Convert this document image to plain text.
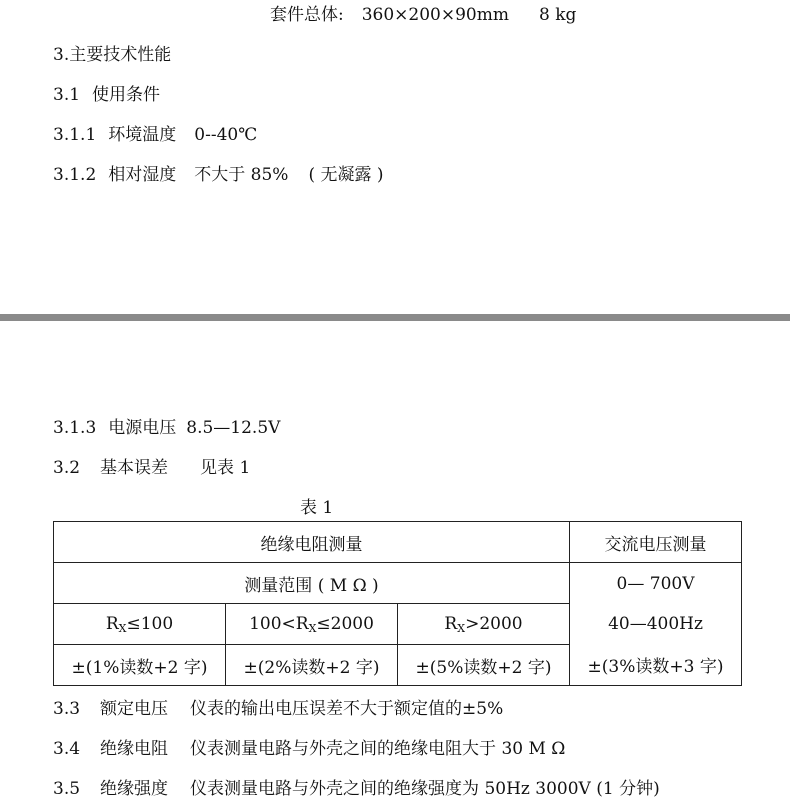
套件总体: 360×200×90mm 8 kg
3.主要技术性能
3.1 使用条件
3.1.1 环境温度 0--40℃
3.1.2 相对湿度 不大于 85% ( 无凝露 )
3.1.3 电源电压 8.5—12.5V
3.2 基本误差 见表 1
表 1
绝缘电阻测量			交流电压测量
测量范围 ( M Ω )			0— 700V
40—400Hz

$R_X\le 100$	$100<R_X\le 2000$	$R_X>2000$	
±(1%读数+2 字)	±(2%读数+2 字)	±(5%读数+2 字)	±(3%读数+3 字)
3.3 额定电压 仪表的输出电压误差不大于额定值的±5%
3.4 绝缘电阻 仪表测量电路与外壳之间的绝缘电阻大于 30 M Ω
3.5 绝缘强度 仪表测量电路与外壳之间的绝缘强度为 50Hz 3000V (1 分钟)
